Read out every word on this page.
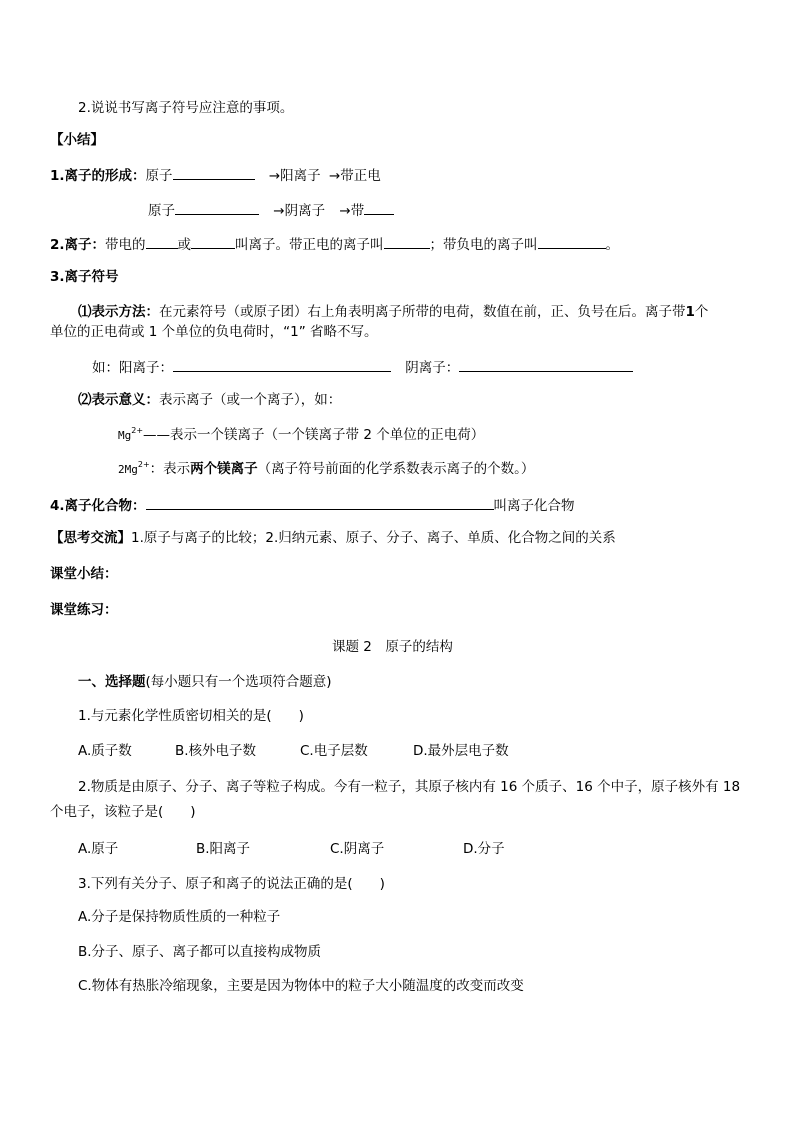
2.说说书写离子符号应注意的事项。
【小结】
1.离子的形成：原子	→阳离子 →带正电
原子	→阴离子 →带
2.离子：带电的 或	叫离子。带正电的离子叫	；带负电的离子叫	。
3.离子符号
⑴表示方法：在元素符号（或原子团）右上角表明离子所带的电荷，数值在前，正、负号在后。离子带1个
单位的正电荷或 1 个单位的负电荷时，“1” 省略不写。
如：阳离子：	阴离子：
⑵表示意义：表示离子（或一个离子），如：
$Mg^{2+}——$表示一个镁离子（一个镁离子带 2 个单位的正电荷）
$2Mg^{2+}$：表示两个镁离子（离子符号前面的化学系数表示离子的个数。）
4.离子化合物：	叫离子化合物
【思考交流】1.原子与离子的比较；2.归纳元素、原子、分子、离子、单质、化合物之间的关系
课堂小结：
课堂练习：
课题 2　原子的结构
一、选择题(每小题只有一个选项符合题意)
1.与元素化学性质密切相关的是(　　)
A.质子数	B.核外电子数	C.电子层数	D.最外层电子数
2.物质是由原子、分子、离子等粒子构成。今有一粒子，其原子核内有 16 个质子、16 个中子，原子核外有 18
个电子，该粒子是(　　)
A.原子	B.阳离子	C.阴离子	D.分子
3.下列有关分子、原子和离子的说法正确的是(　　)
A.分子是保持物质性质的一种粒子
B.分子、原子、离子都可以直接构成物质
C.物体有热胀冷缩现象，主要是因为物体中的粒子大小随温度的改变而改变
